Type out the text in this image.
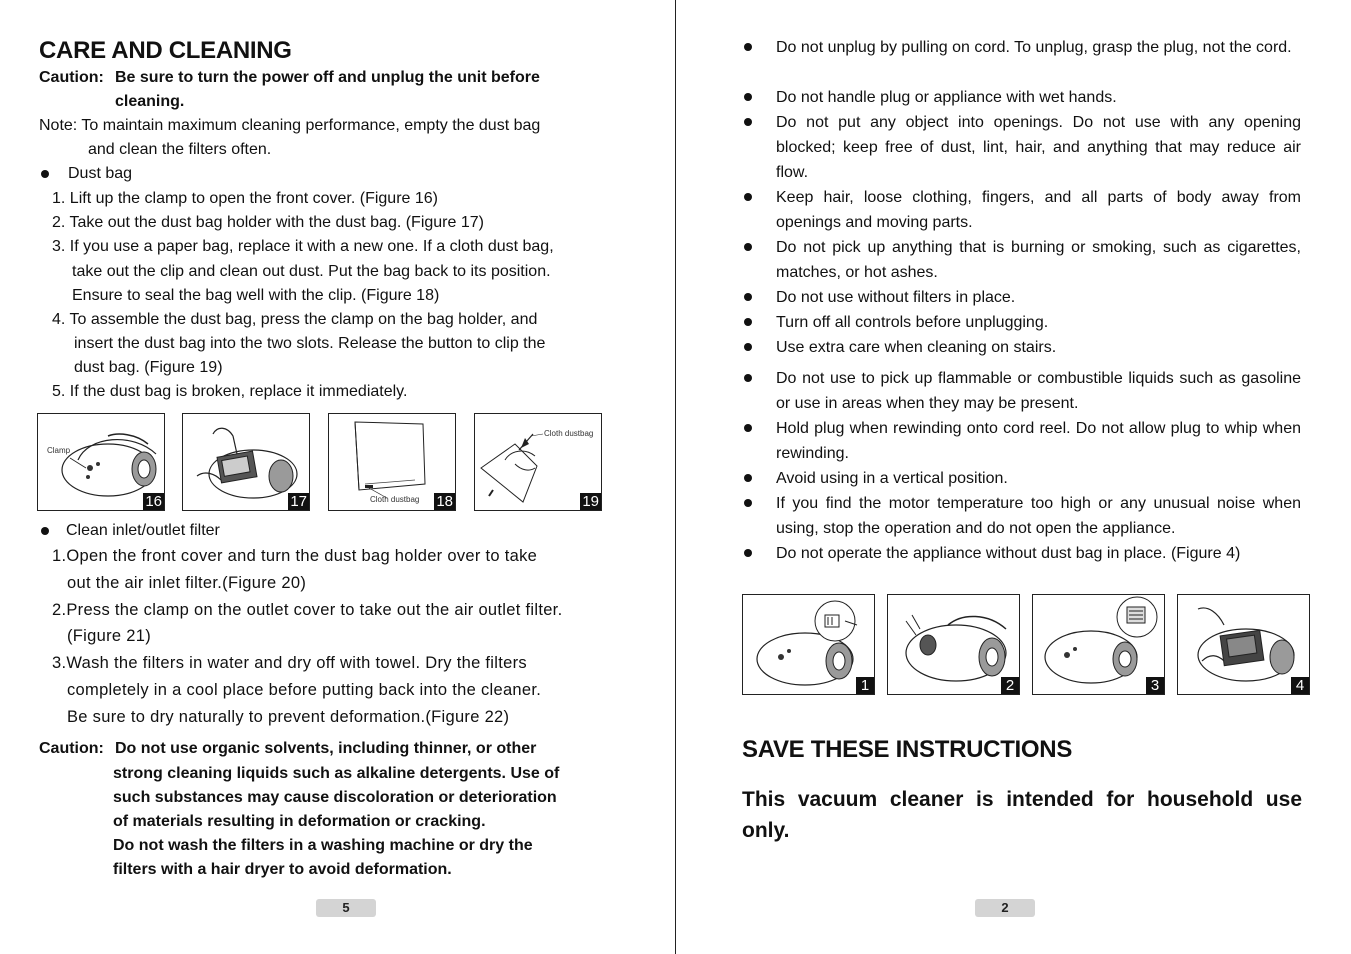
CARE AND CLEANING
Caution: Be sure to turn the power off and unplug the unit before
cleaning.
Note: To maintain maximum cleaning performance, empty the dust bag
and clean the filters often.
Dust bag
1. Lift up the clamp to open the front cover. (Figure 16)
2. Take out the dust bag holder with the dust bag. (Figure 17)
3. If you use a paper bag, replace it with a new one. If a cloth dust bag,
take out the clip and clean out dust. Put the bag back to its position.
Ensure to seal the bag well with the clip. (Figure 18)
4. To assemble the dust bag, press the clamp on the bag holder, and
insert the dust bag into the two slots. Release the button to clip the
dust bag. (Figure 19)
5. If the dust bag is broken, replace it immediately.
Clamp
16	17	Cloth dustbag 18
Cloth dustbag
19
Clean inlet/outlet filter
1.Open the front cover and turn the dust bag holder over to take
out the air inlet filter.(Figure 20)
2.Press the clamp on the outlet cover to take out the air outlet filter.
(Figure 21)
3.Wash the filters in water and dry off with towel. Dry the filters
completely in a cool place before putting back into the cleaner.
Be sure to dry naturally to prevent deformation.(Figure 22)
Caution: Do not use organic solvents, including thinner, or other
strong cleaning liquids such as alkaline detergents. Use of
such substances may cause discoloration or deterioration
of materials resulting in deformation or cracking.
Do not wash the filters in a washing machine or dry the
filters with a hair dryer to avoid deformation.
5
Do not unplug by pulling on cord. To unplug, grasp the plug, not the cord.
Do not handle plug or appliance with wet hands.
Do not put any object into openings. Do not use with any opening blocked; keep free of dust, lint, hair, and anything that may reduce air flow.
Keep hair, loose clothing, fingers, and all parts of body away from openings and moving parts.
Do not pick up anything that is burning or smoking, such as cigarettes, matches, or hot ashes.
Do not use without filters in place.
Turn off all controls before unplugging.
Use extra care when cleaning on stairs.
Do not use to pick up flammable or combustible liquids such as gasoline or use in areas when they may be present.
Hold plug when rewinding onto cord reel. Do not allow plug to whip when rewinding.
Avoid using in a vertical position.
If you find the motor temperature too high or any unusual noise when using, stop the operation and do not open the appliance.
Do not operate the appliance without dust bag in place. (Figure 4)
1	2	3	4
SAVE THESE INSTRUCTIONS
This vacuum cleaner is intended for household use only.
2
